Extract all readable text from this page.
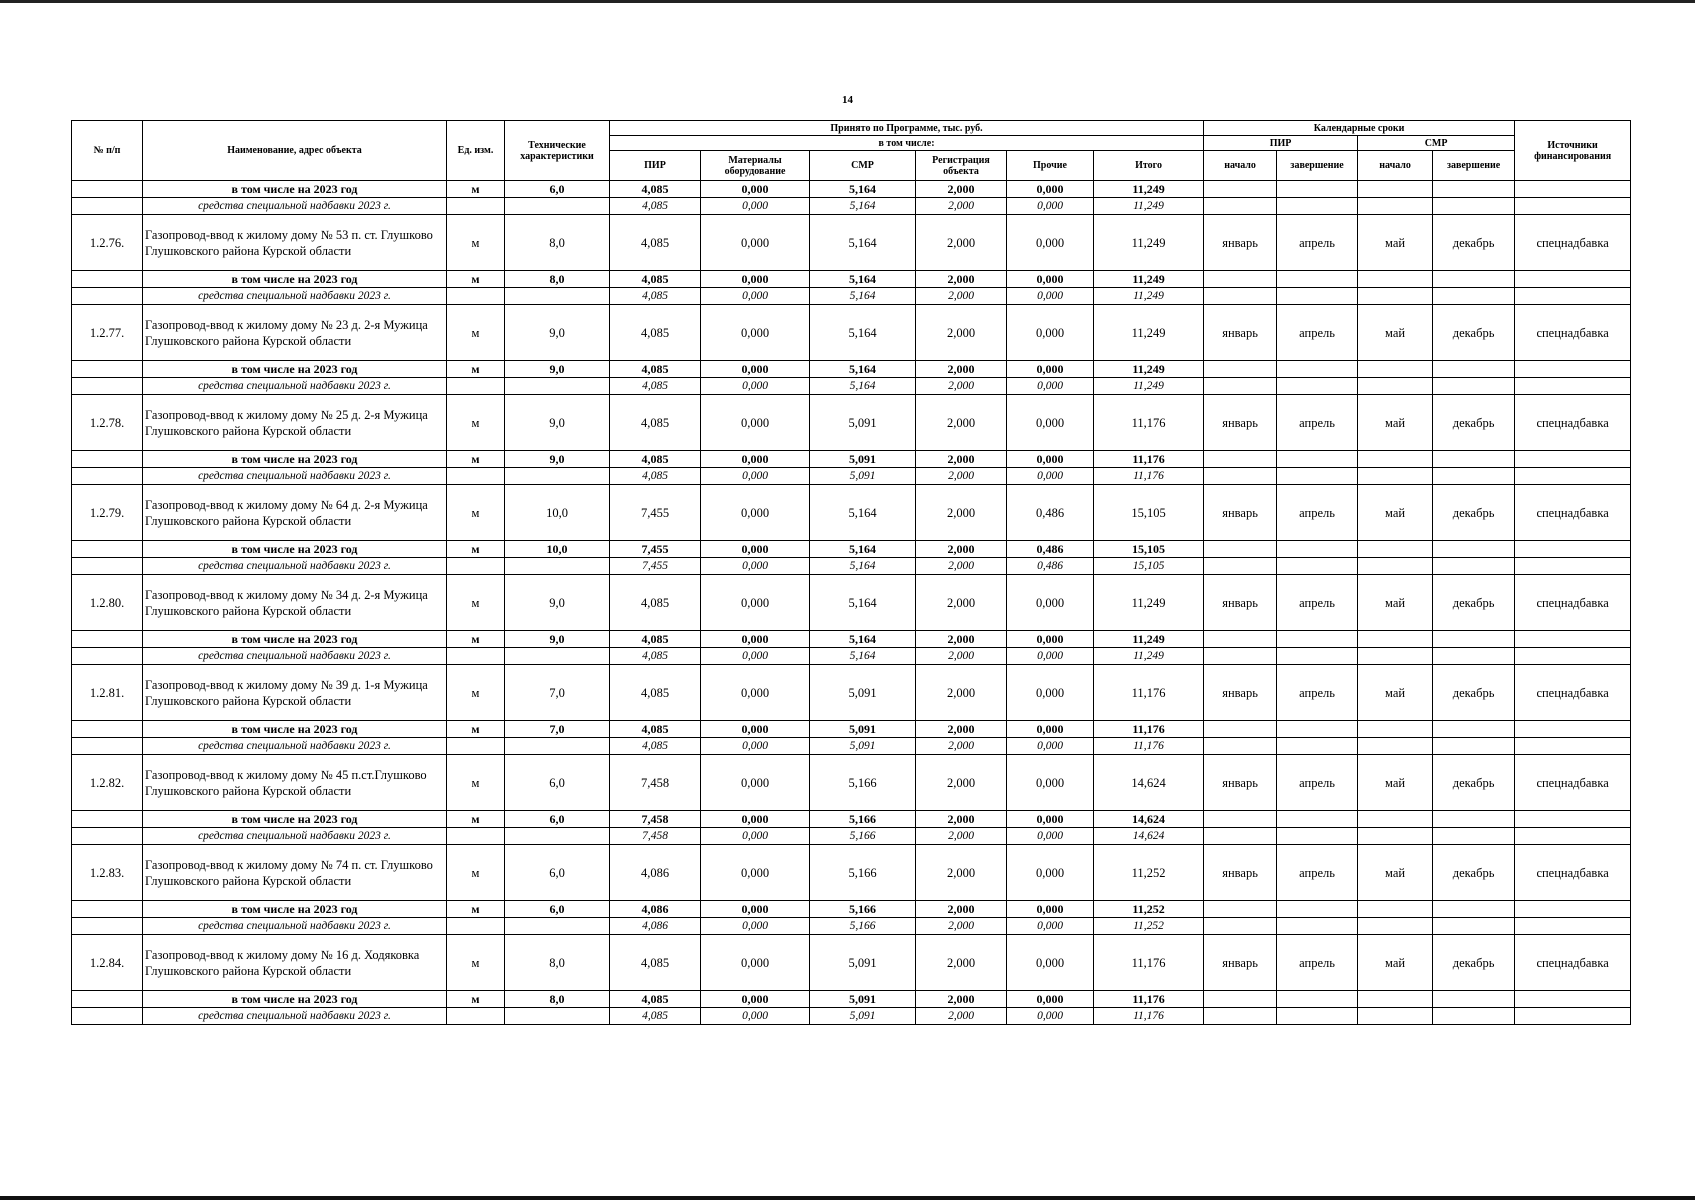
14
№ п/п	Наименование, адрес объекта	Ед. изм.	Технические характеристики	Принято по Программе, тыс. руб.						Календарные сроки				Источники финансирования
				в том числе:						ПИР		СМР		
				ПИР	Материалы оборудование	СМР	Регистрация объекта	Прочие	Итого	начало	завершение	начало	завершение	
	в том числе на 2023 год	м	6,0	4,085	0,000	5,164	2,000	0,000	11,249					
	средства специальной надбавки 2023 г.			4,085	0,000	5,164	2,000	0,000	11,249					
1.2.76.	Газопровод-ввод к жилому дому № 53 п. ст. Глушково Глушковского района Курской области	м	8,0	4,085	0,000	5,164	2,000	0,000	11,249	январь	апрель	май	декабрь	спецнадбавка
	в том числе на 2023 год	м	8,0	4,085	0,000	5,164	2,000	0,000	11,249					
	средства специальной надбавки 2023 г.			4,085	0,000	5,164	2,000	0,000	11,249					
1.2.77.	Газопровод-ввод к жилому дому № 23 д. 2-я Мужица Глушковского района Курской области	м	9,0	4,085	0,000	5,164	2,000	0,000	11,249	январь	апрель	май	декабрь	спецнадбавка
	в том числе на 2023 год	м	9,0	4,085	0,000	5,164	2,000	0,000	11,249					
	средства специальной надбавки 2023 г.			4,085	0,000	5,164	2,000	0,000	11,249					
1.2.78.	Газопровод-ввод к жилому дому № 25 д. 2-я Мужица Глушковского района Курской области	м	9,0	4,085	0,000	5,091	2,000	0,000	11,176	январь	апрель	май	декабрь	спецнадбавка
	в том числе на 2023 год	м	9,0	4,085	0,000	5,091	2,000	0,000	11,176					
	средства специальной надбавки 2023 г.			4,085	0,000	5,091	2,000	0,000	11,176					
1.2.79.	Газопровод-ввод к жилому дому № 64 д. 2-я Мужица Глушковского района Курской области	м	10,0	7,455	0,000	5,164	2,000	0,486	15,105	январь	апрель	май	декабрь	спецнадбавка
	в том числе на 2023 год	м	10,0	7,455	0,000	5,164	2,000	0,486	15,105					
	средства специальной надбавки 2023 г.			7,455	0,000	5,164	2,000	0,486	15,105					
1.2.80.	Газопровод-ввод к жилому дому № 34 д. 2-я Мужица Глушковского района Курской области	м	9,0	4,085	0,000	5,164	2,000	0,000	11,249	январь	апрель	май	декабрь	спецнадбавка
	в том числе на 2023 год	м	9,0	4,085	0,000	5,164	2,000	0,000	11,249					
	средства специальной надбавки 2023 г.			4,085	0,000	5,164	2,000	0,000	11,249					
1.2.81.	Газопровод-ввод к жилому дому № 39 д. 1-я Мужица Глушковского района Курской области	м	7,0	4,085	0,000	5,091	2,000	0,000	11,176	январь	апрель	май	декабрь	спецнадбавка
	в том числе на 2023 год	м	7,0	4,085	0,000	5,091	2,000	0,000	11,176					
	средства специальной надбавки 2023 г.			4,085	0,000	5,091	2,000	0,000	11,176					
1.2.82.	Газопровод-ввод к жилому дому № 45 п.ст.Глушково Глушковского района Курской области	м	6,0	7,458	0,000	5,166	2,000	0,000	14,624	январь	апрель	май	декабрь	спецнадбавка
	в том числе на 2023 год	м	6,0	7,458	0,000	5,166	2,000	0,000	14,624					
	средства специальной надбавки 2023 г.			7,458	0,000	5,166	2,000	0,000	14,624					
1.2.83.	Газопровод-ввод к жилому дому № 74 п. ст. Глушково Глушковского района Курской области	м	6,0	4,086	0,000	5,166	2,000	0,000	11,252	январь	апрель	май	декабрь	спецнадбавка
	в том числе на 2023 год	м	6,0	4,086	0,000	5,166	2,000	0,000	11,252					
	средства специальной надбавки 2023 г.			4,086	0,000	5,166	2,000	0,000	11,252					
1.2.84.	Газопровод-ввод к жилому дому № 16 д. Ходяковка Глушковского района Курской области	м	8,0	4,085	0,000	5,091	2,000	0,000	11,176	январь	апрель	май	декабрь	спецнадбавка
	в том числе на 2023 год	м	8,0	4,085	0,000	5,091	2,000	0,000	11,176					
	средства специальной надбавки 2023 г.			4,085	0,000	5,091	2,000	0,000	11,176					
